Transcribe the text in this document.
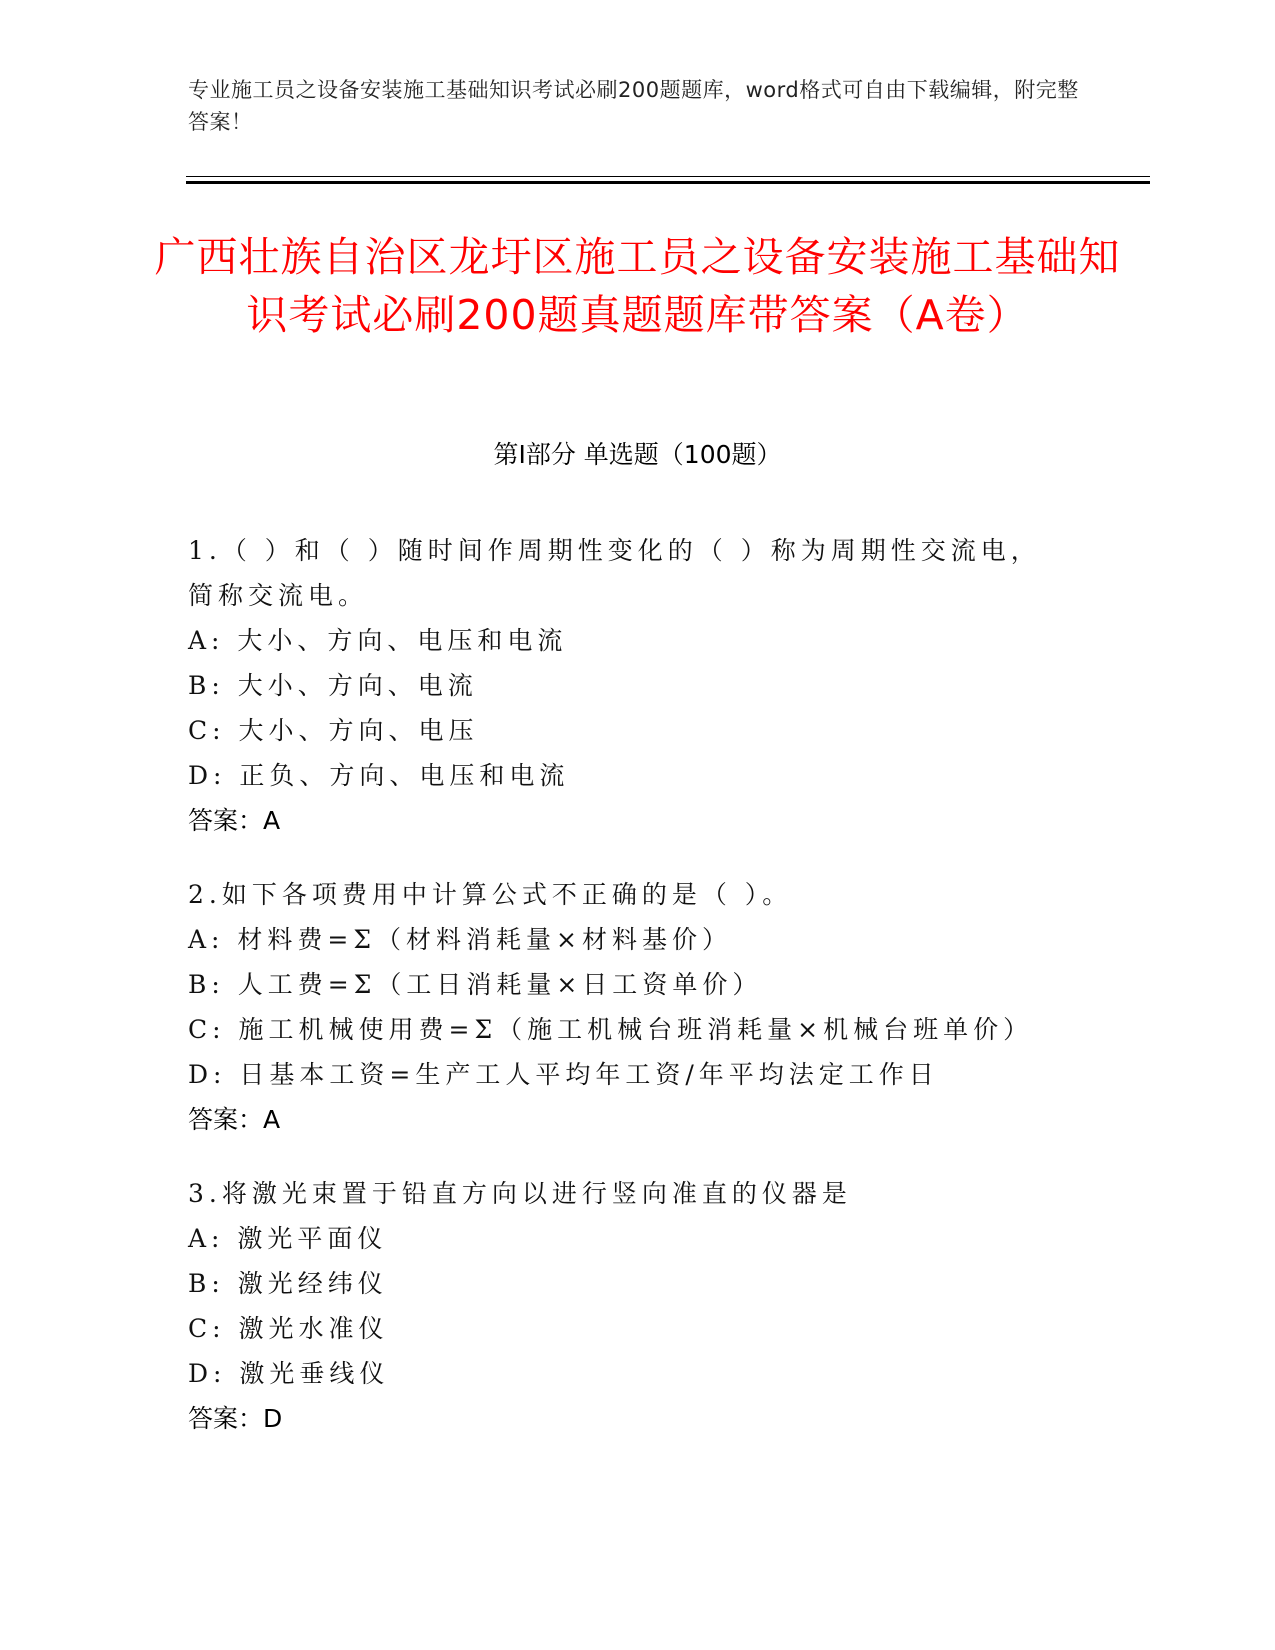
专业施工员之设备安装施工基础知识考试必刷200题题库，word格式可自由下载编辑，附完整答案！
广西壮族自治区龙圩区施工员之设备安装施工基础知识考试必刷200题真题题库带答案（A卷）
第Ⅰ部分 单选题（100题）

1.（ ）和（ ）随时间作周期性变化的（ ）称为周期性交流电，简称交流电。

A: 大小、方向、电压和电流

B: 大小、方向、电流

C: 大小、方向、电压

D: 正负、方向、电压和电流

答案：A

2.如下各项费用中计算公式不正确的是（ ）。

A: 材料费=Σ（材料消耗量×材料基价）

B: 人工费=Σ（工日消耗量×日工资单价）

C: 施工机械使用费=Σ（施工机械台班消耗量×机械台班单价）

D: 日基本工资=生产工人平均年工资/年平均法定工作日

答案：A

3.将激光束置于铅直方向以进行竖向准直的仪器是

A: 激光平面仪

B: 激光经纬仪

C: 激光水准仪

D: 激光垂线仪

答案：D
